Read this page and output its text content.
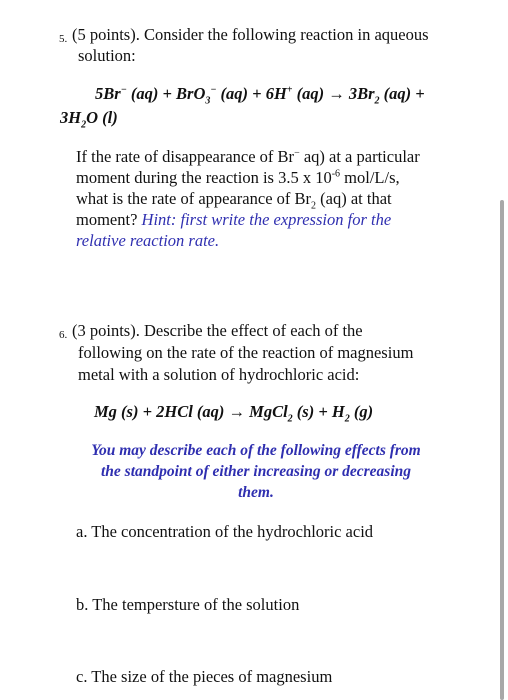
5. (5 points). Consider the following reaction in aqueous
solution:
5Br− (aq) + BrO$_3$− (aq) + 6H+ $(aq) \to 3Br_2$ (aq) +
$3H_2O$ (l)
If the rate of disappearance of Br− aq) at a particular
moment during the reaction is 3.5 x $10^{-6}$ mol/L/s,
what is the rate of appearance of $Br_2$ (aq) at that
moment? Hint: first write the expression for the
relative reaction rate.
6. (3 points). Describe the effect of each of the
following on the rate of the reaction of magnesium
metal with a solution of hydrochloric acid:
Mg (s) + 2HCl (aq) → MgCl$_2$ $(s) + H_2$ (g)
You may describe each of the following effects from
the standpoint of either increasing or decreasing
them.
a. The concentration of the hydrochloric acid
b. The tempersture of the solution
c. The size of the pieces of magnesium
